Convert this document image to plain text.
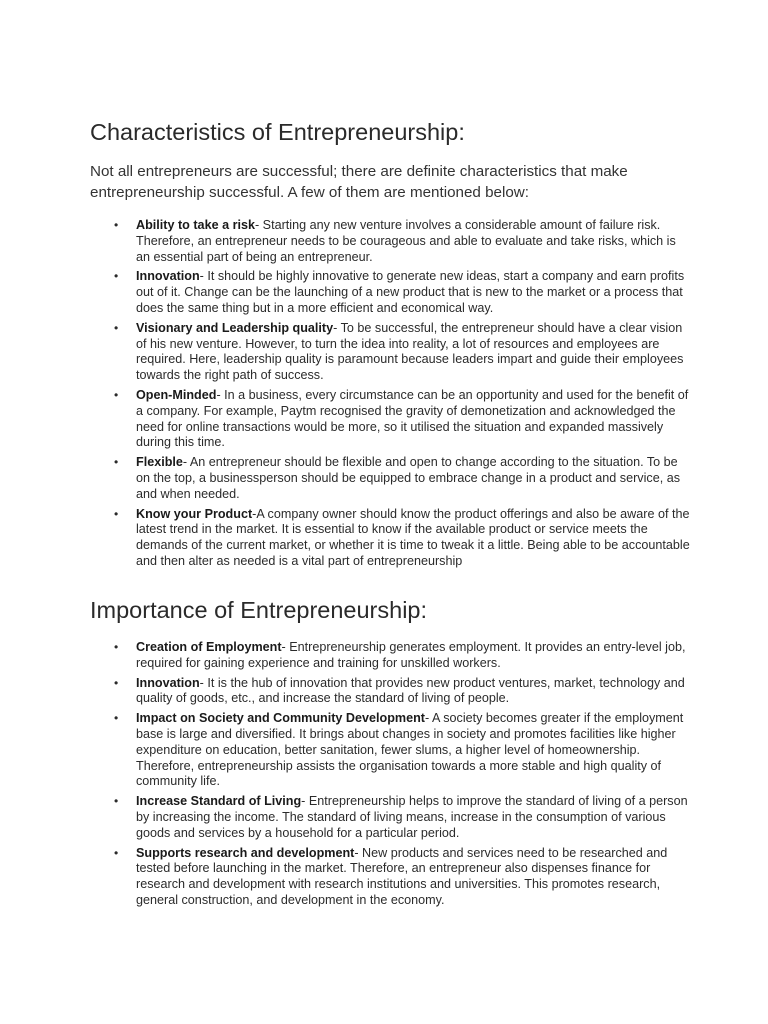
Characteristics of Entrepreneurship:

Not all entrepreneurs are successful; there are definite characteristics that make entrepreneurship successful. A few of them are mentioned below:

• Ability to take a risk- Starting any new venture involves a considerable amount of failure risk. Therefore, an entrepreneur needs to be courageous and able to evaluate and take risks, which is an essential part of being an entrepreneur.
• Innovation- It should be highly innovative to generate new ideas, start a company and earn profits out of it. Change can be the launching of a new product that is new to the market or a process that does the same thing but in a more efficient and economical way.
• Visionary and Leadership quality- To be successful, the entrepreneur should have a clear vision of his new venture. However, to turn the idea into reality, a lot of resources and employees are required. Here, leadership quality is paramount because leaders impart and guide their employees towards the right path of success.
• Open-Minded- In a business, every circumstance can be an opportunity and used for the benefit of a company. For example, Paytm recognised the gravity of demonetization and acknowledged the need for online transactions would be more, so it utilised the situation and expanded massively during this time.
• Flexible- An entrepreneur should be flexible and open to change according to the situation. To be on the top, a businessperson should be equipped to embrace change in a product and service, as and when needed.
• Know your Product-A company owner should know the product offerings and also be aware of the latest trend in the market. It is essential to know if the available product or service meets the demands of the current market, or whether it is time to tweak it a little. Being able to be accountable and then alter as needed is a vital part of entrepreneurship
Importance of Entrepreneurship:
• Creation of Employment- Entrepreneurship generates employment. It provides an entry-level job, required for gaining experience and training for unskilled workers.
• Innovation- It is the hub of innovation that provides new product ventures, market, technology and quality of goods, etc., and increase the standard of living of people.
• Impact on Society and Community Development- A society becomes greater if the employment base is large and diversified. It brings about changes in society and promotes facilities like higher expenditure on education, better sanitation, fewer slums, a higher level of homeownership. Therefore, entrepreneurship assists the organisation towards a more stable and high quality of community life.
• Increase Standard of Living- Entrepreneurship helps to improve the standard of living of a person by increasing the income. The standard of living means, increase in the consumption of various goods and services by a household for a particular period.
• Supports research and development- New products and services need to be researched and tested before launching in the market. Therefore, an entrepreneur also dispenses finance for research and development with research institutions and universities. This promotes research, general construction, and development in the economy.
